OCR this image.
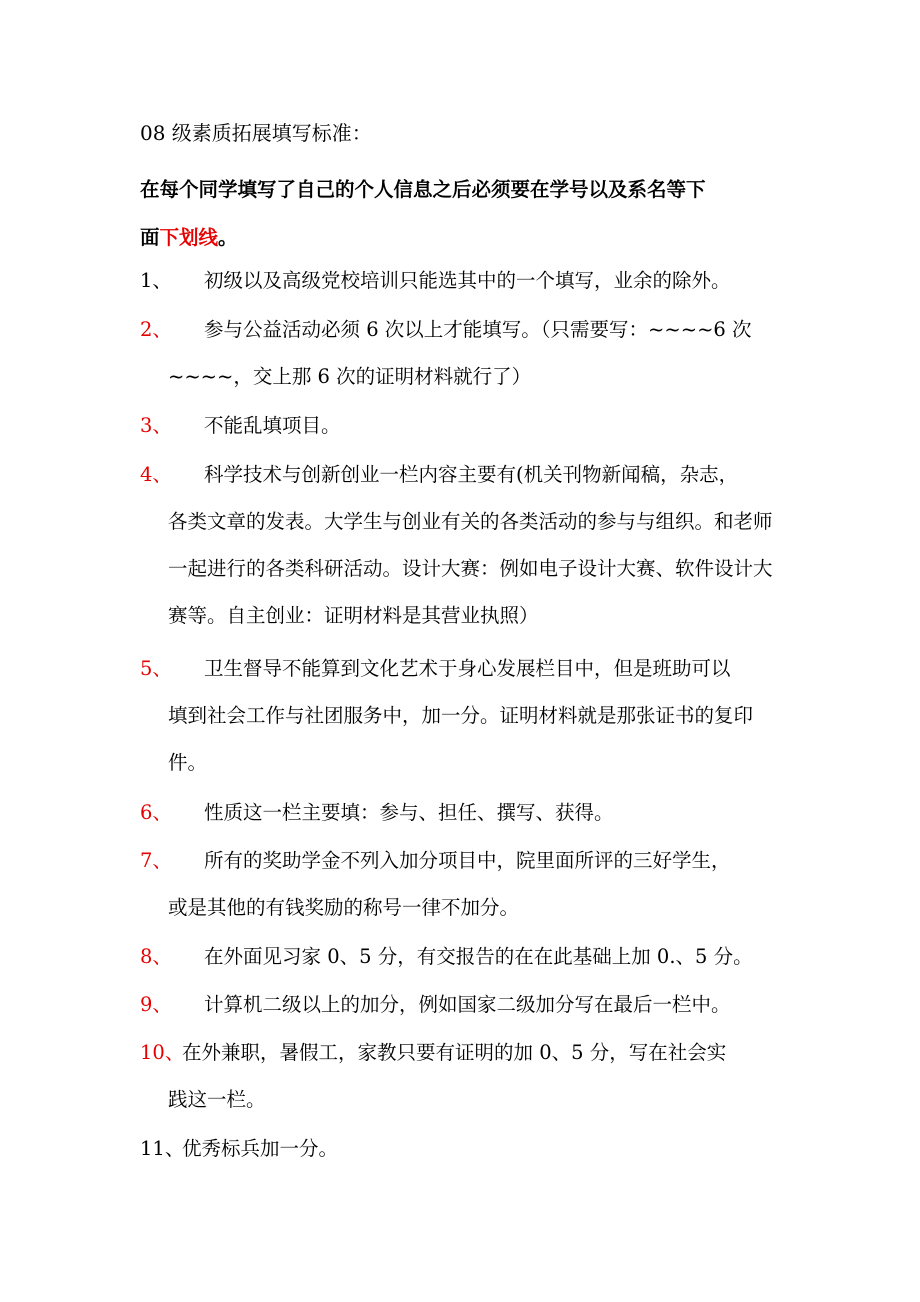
08 级素质拓展填写标准：
在每个同学填写了自己的个人信息之后必须要在学号以及系名等下
面下划线。
1、	初级以及高级党校培训只能选其中的一个填写，业余的除外。
2、	参与公益活动必须 6 次以上才能填写。（只需要写：~~~~6 次
~~~~，交上那 6 次的证明材料就行了）
3、	不能乱填项目。
4、	科学技术与创新创业一栏内容主要有(机关刊物新闻稿，杂志，
各类文章的发表。大学生与创业有关的各类活动的参与与组织。和老师一起进行的各类科研活动。设计大赛：例如电子设计大赛、软件设计大赛等。自主创业：证明材料是其营业执照）
5、	卫生督导不能算到文化艺术于身心发展栏目中，但是班助可以
填到社会工作与社团服务中，加一分。证明材料就是那张证书的复印件。
6、	性质这一栏主要填：参与、担任、撰写、获得。
7、	所有的奖助学金不列入加分项目中，院里面所评的三好学生，
或是其他的有钱奖励的称号一律不加分。
8、	在外面见习家 0、5 分，有交报告的在在此基础上加 0.、5 分。
9、	计算机二级以上的加分，例如国家二级加分写在最后一栏中。
10、
在外兼职，暑假工，家教只要有证明的加 0、5 分，写在社会实
践这一栏。
11、
优秀标兵加一分。
